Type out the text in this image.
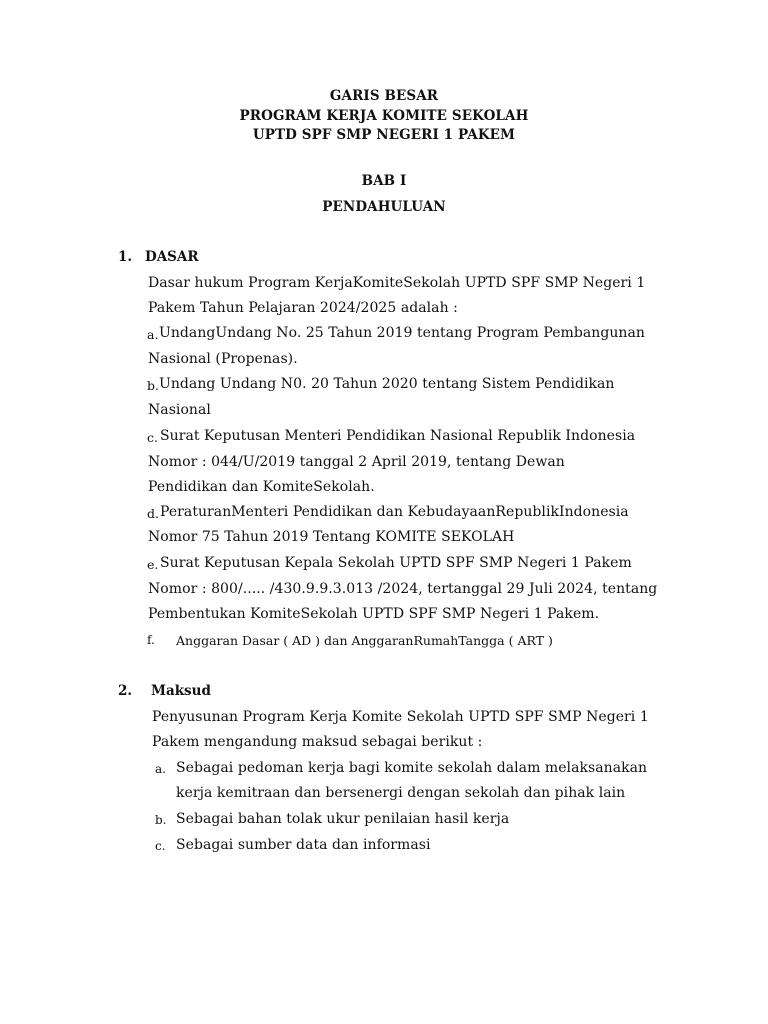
GARIS BESAR
PROGRAM KERJA KOMITE SEKOLAH
UPTD SPF SMP NEGERI 1 PAKEM
BAB I
PENDAHULUAN
1. DASAR
Dasar hukum Program KerjaKomiteSekolah UPTD SPF SMP Negeri 1
Pakem Tahun Pelajaran 2024/2025 adalah :
a. UndangUndang No. 25 Tahun 2019 tentang Program Pembangunan
Nasional (Propenas).
b. Undang Undang N0. 20 Tahun 2020 tentang Sistem Pendidikan
Nasional
c. Surat Keputusan Menteri Pendidikan Nasional Republik Indonesia
Nomor : 044/U/2019 tanggal 2 April 2019, tentang Dewan
Pendidikan dan KomiteSekolah.
d. PeraturanMenteri Pendidikan dan KebudayaanRepublikIndonesia
Nomor 75 Tahun 2019 Tentang KOMITE SEKOLAH
e. Surat Keputusan Kepala Sekolah UPTD SPF SMP Negeri 1 Pakem
Nomor : 800/..... /430.9.9.3.013 /2024, tertanggal 29 Juli 2024, tentang
Pembentukan KomiteSekolah UPTD SPF SMP Negeri 1 Pakem.
f. Anggaran Dasar ( AD ) dan AnggaranRumahTangga ( ART )
2. Maksud
Penyusunan Program Kerja Komite Sekolah UPTD SPF SMP Negeri 1
Pakem mengandung maksud sebagai berikut :
a. Sebagai pedoman kerja bagi komite sekolah dalam melaksanakan
kerja kemitraan dan bersenergi dengan sekolah dan pihak lain
b. Sebagai bahan tolak ukur penilaian hasil kerja
c. Sebagai sumber data dan informasi
